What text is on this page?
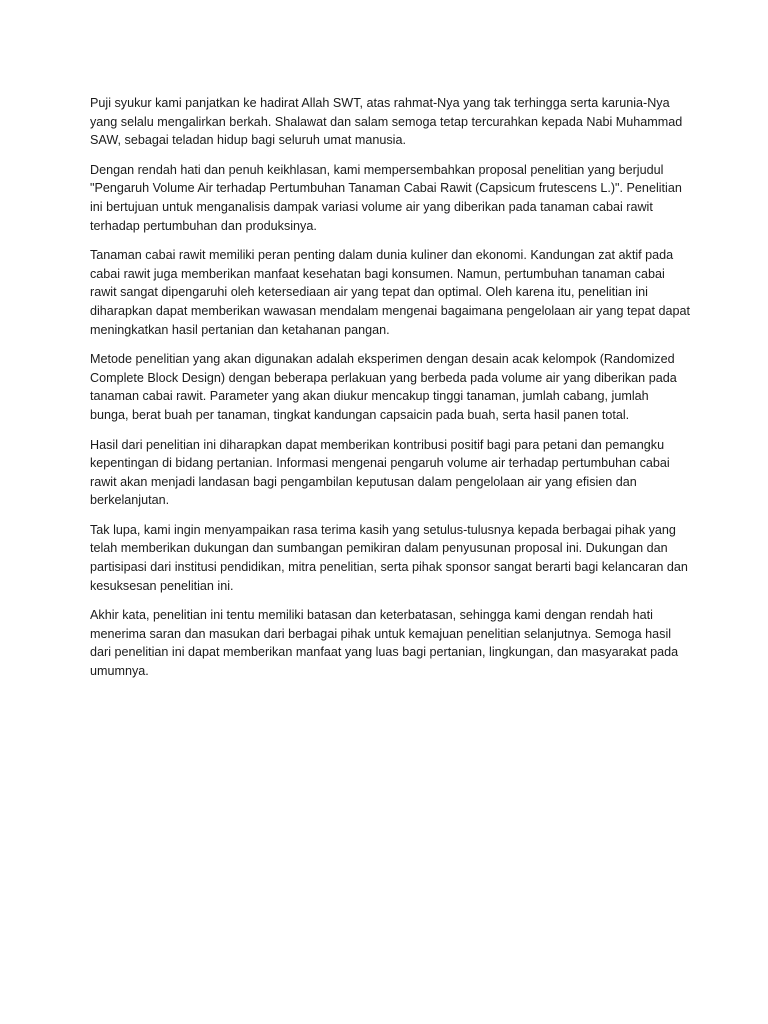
Puji syukur kami panjatkan ke hadirat Allah SWT, atas rahmat-Nya yang tak terhingga serta karunia-Nya yang selalu mengalirkan berkah. Shalawat dan salam semoga tetap tercurahkan kepada Nabi Muhammad SAW, sebagai teladan hidup bagi seluruh umat manusia.

Dengan rendah hati dan penuh keikhlasan, kami mempersembahkan proposal penelitian yang berjudul "Pengaruh Volume Air terhadap Pertumbuhan Tanaman Cabai Rawit (Capsicum frutescens L.)". Penelitian ini bertujuan untuk menganalisis dampak variasi volume air yang diberikan pada tanaman cabai rawit terhadap pertumbuhan dan produksinya.

Tanaman cabai rawit memiliki peran penting dalam dunia kuliner dan ekonomi. Kandungan zat aktif pada cabai rawit juga memberikan manfaat kesehatan bagi konsumen. Namun, pertumbuhan tanaman cabai rawit sangat dipengaruhi oleh ketersediaan air yang tepat dan optimal. Oleh karena itu, penelitian ini diharapkan dapat memberikan wawasan mendalam mengenai bagaimana pengelolaan air yang tepat dapat meningkatkan hasil pertanian dan ketahanan pangan.

Metode penelitian yang akan digunakan adalah eksperimen dengan desain acak kelompok (Randomized Complete Block Design) dengan beberapa perlakuan yang berbeda pada volume air yang diberikan pada tanaman cabai rawit. Parameter yang akan diukur mencakup tinggi tanaman, jumlah cabang, jumlah bunga, berat buah per tanaman, tingkat kandungan capsaicin pada buah, serta hasil panen total.

Hasil dari penelitian ini diharapkan dapat memberikan kontribusi positif bagi para petani dan pemangku kepentingan di bidang pertanian. Informasi mengenai pengaruh volume air terhadap pertumbuhan cabai rawit akan menjadi landasan bagi pengambilan keputusan dalam pengelolaan air yang efisien dan berkelanjutan.

Tak lupa, kami ingin menyampaikan rasa terima kasih yang setulus-tulusnya kepada berbagai pihak yang telah memberikan dukungan dan sumbangan pemikiran dalam penyusunan proposal ini. Dukungan dan partisipasi dari institusi pendidikan, mitra penelitian, serta pihak sponsor sangat berarti bagi kelancaran dan kesuksesan penelitian ini.

Akhir kata, penelitian ini tentu memiliki batasan dan keterbatasan, sehingga kami dengan rendah hati menerima saran dan masukan dari berbagai pihak untuk kemajuan penelitian selanjutnya. Semoga hasil dari penelitian ini dapat memberikan manfaat yang luas bagi pertanian, lingkungan, dan masyarakat pada umumnya.
